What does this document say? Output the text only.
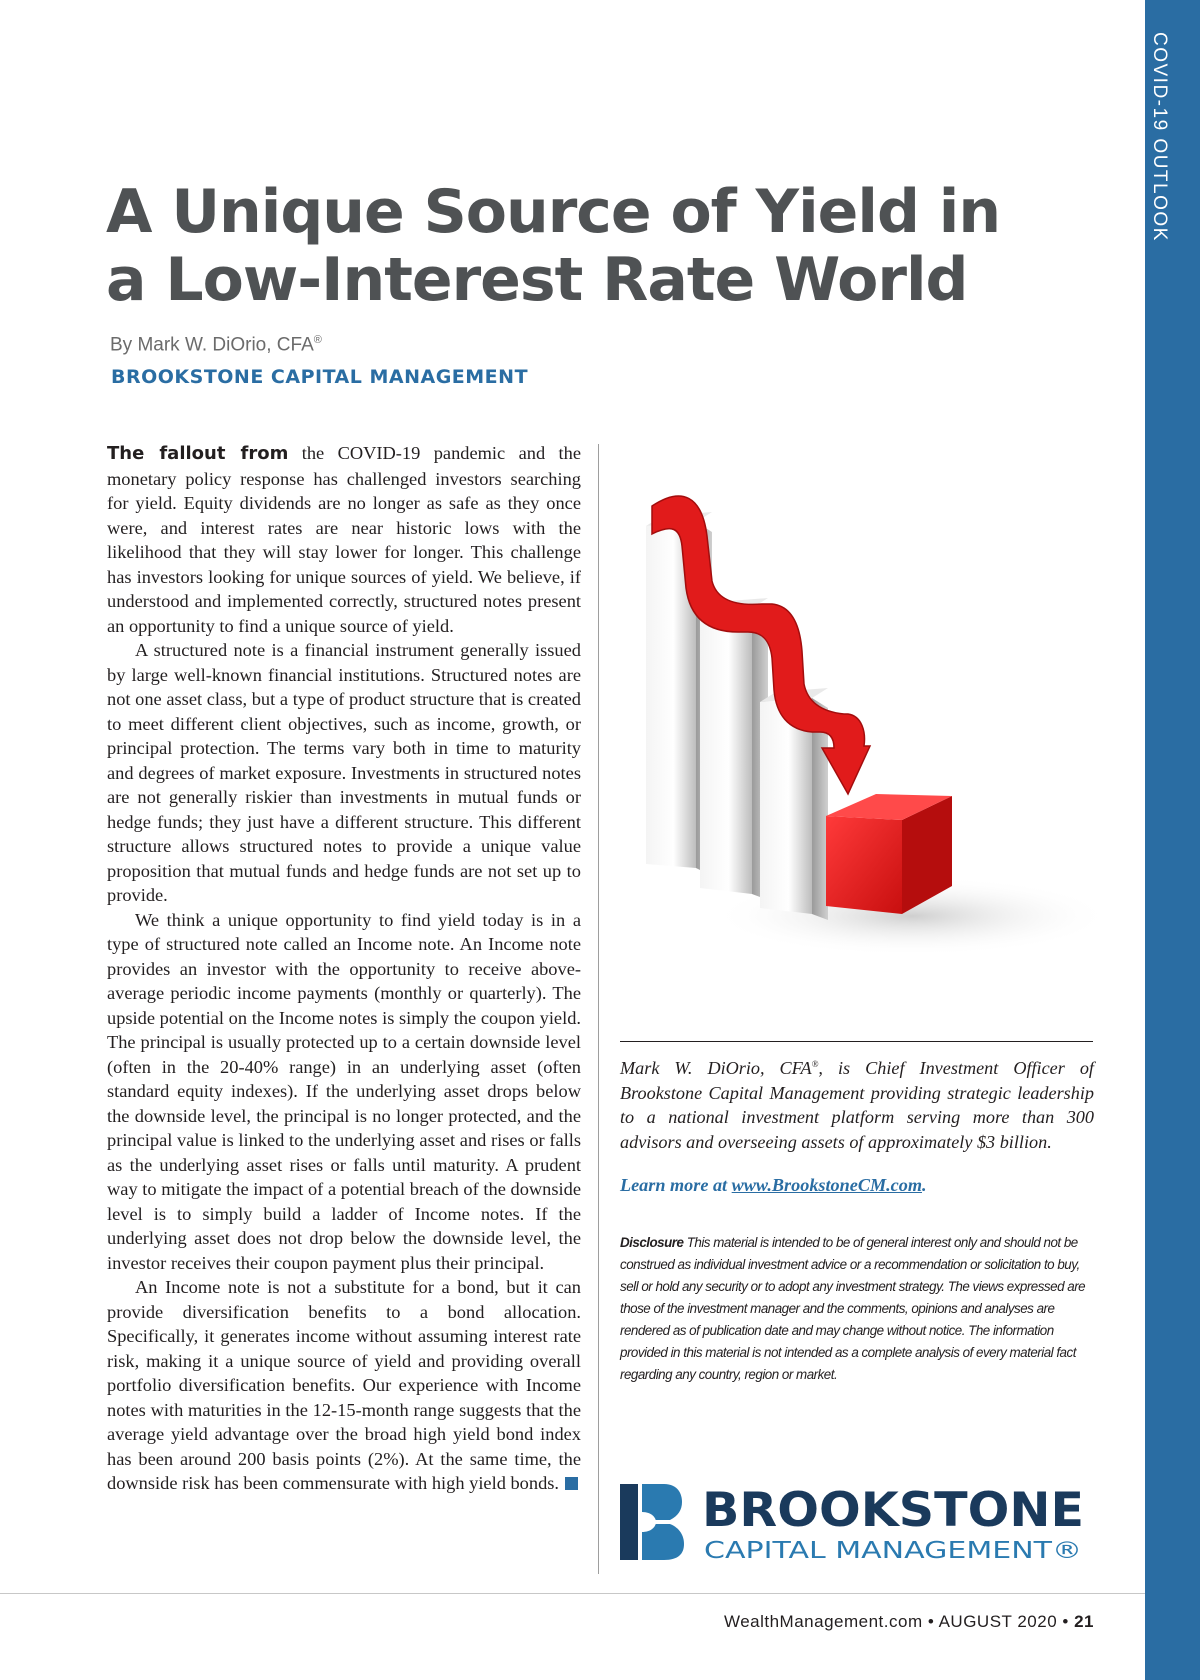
COVID-19 OUTLOOK
A Unique Source of Yield in a Low-Interest Rate World
By Mark W. DiOrio, CFA®
BROOKSTONE CAPITAL MANAGEMENT

The fallout from the COVID-19 pandemic and the monetary policy response has challenged investors searching for yield. Equity dividends are no longer as safe as they once were, and interest rates are near historic lows with the likelihood that they will stay lower for longer. This challenge has investors looking for unique sources of yield. We believe, if understood and implemented correctly, structured notes present an opportunity to find a unique source of yield.

A structured note is a financial instrument generally issued by large well-known financial institutions. Structured notes are not one asset class, but a type of product structure that is created to meet different client objectives, such as income, growth, or principal protection. The terms vary both in time to maturity and degrees of market exposure. Investments in structured notes are not generally riskier than investments in mutual funds or hedge funds; they just have a different structure. This different structure allows structured notes to provide a unique value proposition that mutual funds and hedge funds are not set up to provide.

We think a unique opportunity to find yield today is in a type of structured note called an Income note. An Income note provides an investor with the opportunity to receive above-average periodic income payments (monthly or quarterly). The upside potential on the Income notes is simply the coupon yield. The principal is usually protected up to a certain downside level (often in the 20-40% range) in an underlying asset (often standard equity indexes). If the underlying asset drops below the downside level, the principal is no longer protected, and the principal value is linked to the underlying asset and rises or falls as the underlying asset rises or falls until maturity. A prudent way to mitigate the impact of a potential breach of the downside level is to simply build a ladder of Income notes. If the underlying asset does not drop below the downside level, the investor receives their coupon payment plus their principal.

An Income note is not a substitute for a bond, but it can provide diversification benefits to a bond allocation. Specifically, it generates income without assuming interest rate risk, making it a unique source of yield and providing overall portfolio diversification benefits. Our experience with Income notes with maturities in the 12-15-month range suggests that the average yield advantage over the broad high yield bond index has been around 200 basis points (2%). At the same time, the downside risk has been commensurate with high yield bonds.

Mark W. DiOrio, CFA®, is Chief Investment Officer of Brookstone Capital Management providing strategic leadership to a national investment platform serving more than 300 advisors and overseeing assets of approximately $3 billion.

Learn more at www.BrookstoneCM.com.

Disclosure This material is intended to be of general interest only and should not be construed as individual investment advice or a recommendation or solicitation to buy, sell or hold any security or to adopt any investment strategy. The views expressed are those of the investment manager and the comments, opinions and analyses are rendered as of publication date and may change without notice. The information provided in this material is not intended as a complete analysis of every material fact regarding any country, region or market.

BROOKSTONE
CAPITAL MANAGEMENT®
WealthManagement.com • AUGUST 2020 • 21
